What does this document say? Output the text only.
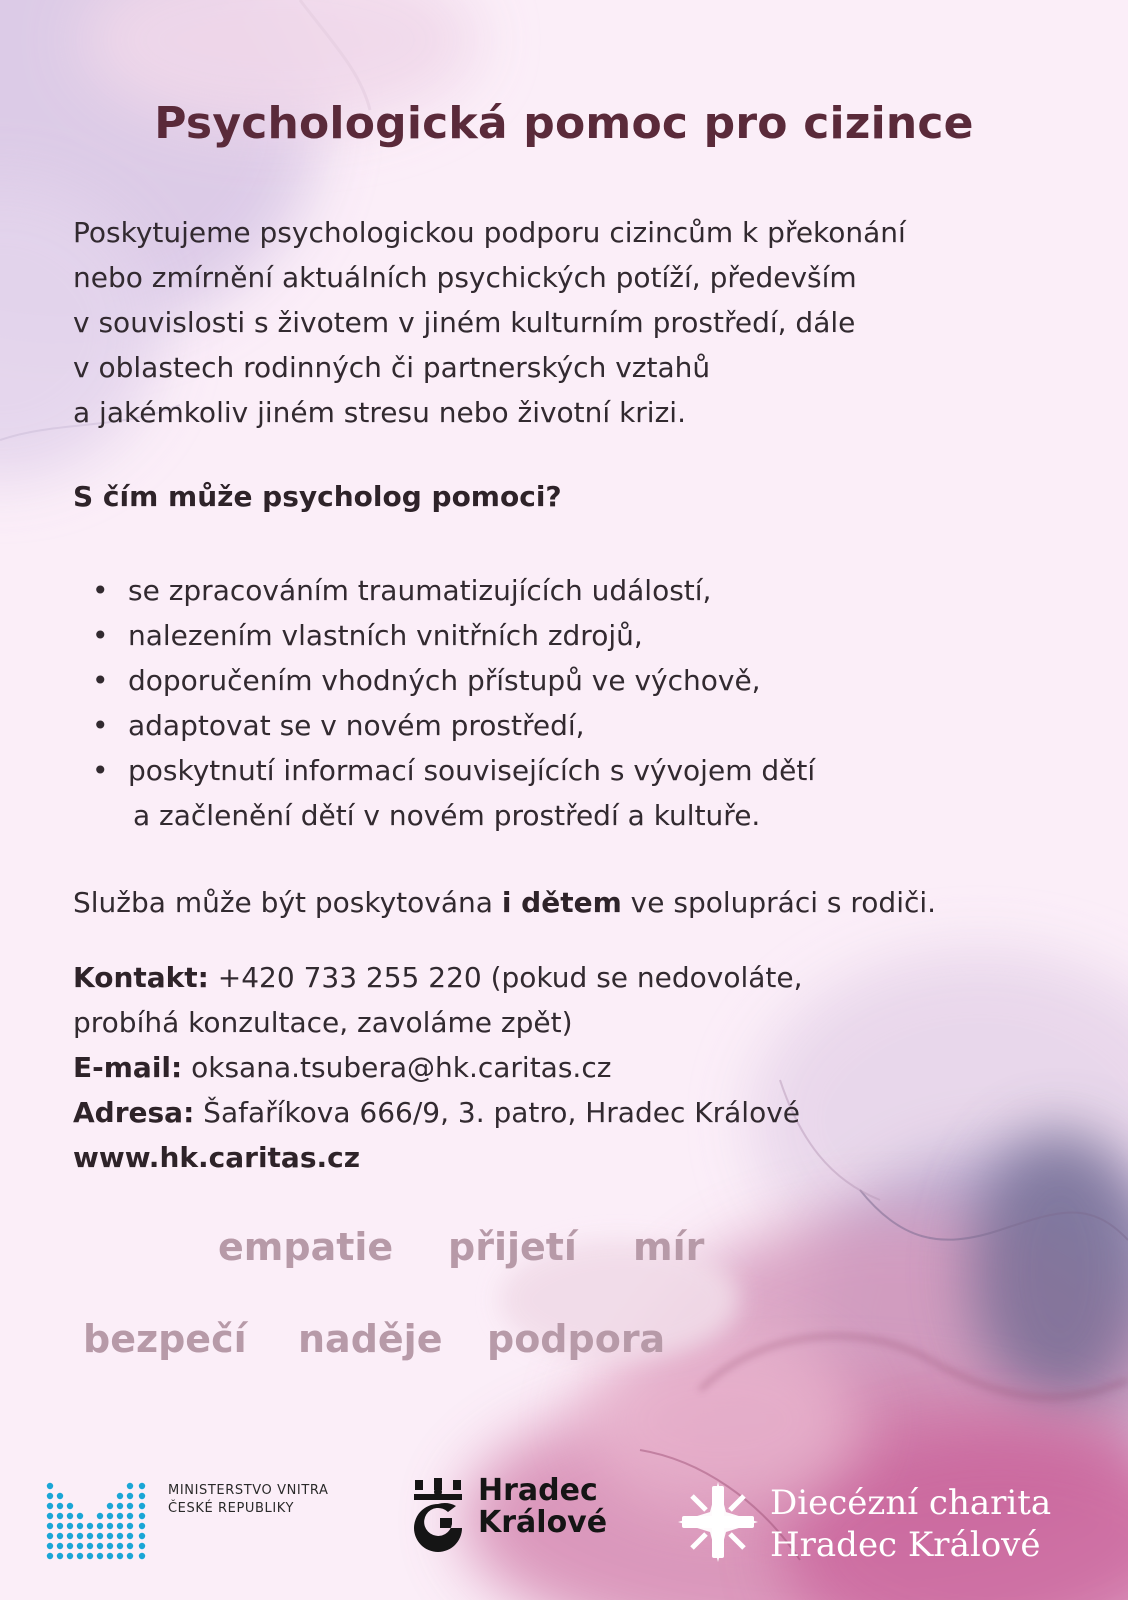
Psychologická pomoc pro cizince

Poskytujeme psychologickou podporu cizincům k překonání
nebo zmírnění aktuálních psychických potíží, především
v souvislosti s životem v jiném kulturním prostředí, dále
v oblastech rodinných či partnerských vztahů
a jakémkoliv jiném stresu nebo životní krizi.

S čím může psycholog pomoci?
• se zpracováním traumatizujících událostí,
• nalezením vlastních vnitřních zdrojů,
• doporučením vhodných přístupů ve výchově,
• adaptovat se v novém prostředí,
• poskytnutí informací souvisejících s vývojem dětí
a začlenění dětí v novém prostředí a kultuře.

Služba může být poskytována i dětem ve spolupráci s rodiči.

Kontakt: +420 733 255 220 (pokud se nedovoláte,
probíhá konzultace, zavoláme zpět)
E-mail: oksana.tsubera@hk.caritas.cz
Adresa: Šafaříkova 666/9, 3. patro, Hradec Králové
www.hk.caritas.cz
empatie přijetí mír
bezpečí naděje podpora
MINISTERSTVO VNITRA
ČESKÉ REPUBLIKY
Hradec
Králové	Diecézní charita
Hradec Králové
